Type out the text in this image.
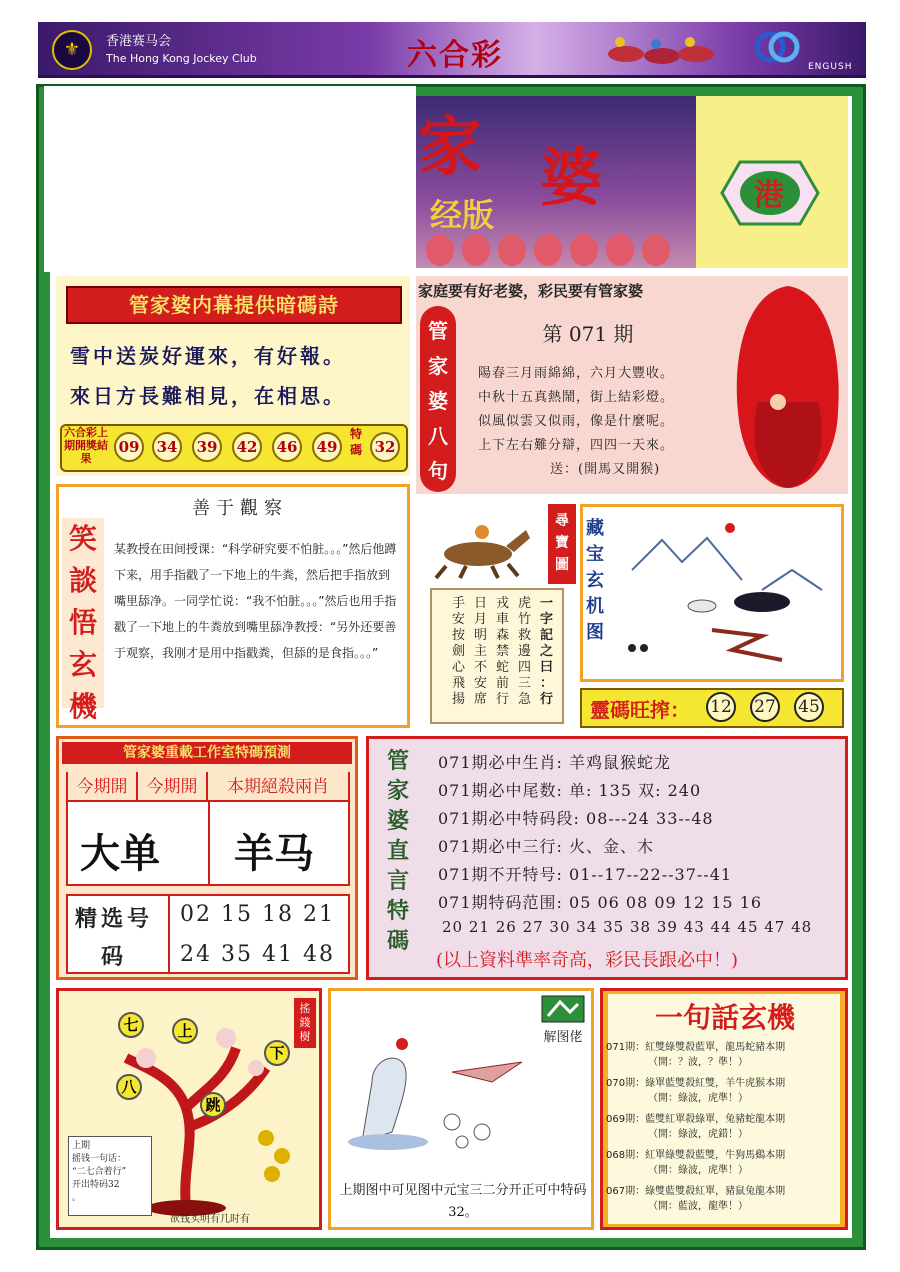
⚜	香港赛马会
The Hong Kong Jockey Club	六合彩	ENGUSH
家 婆
经版
港
管家婆内幕提供暗碼詩
雪中送炭好運來，有好報。
來日方長難相見，在相思。
六合彩上期開獎結果
09	34	39	42	46	49
特碼 32
家庭要有好老婆，彩民要有管家婆
管
家
婆
八
句
第 071 期
陽春三月雨綿綿，六月大豐收。
中秋十五真熱鬧，街上結彩燈。
似風似雲又似雨，像是什麼呢。
上下左右難分辯，四四一天來。
送：(開馬又開猴)
笑
談
悟
玄
機
善于觀察
某教授在田间授课：“科学研究要不怕脏。。。”然后他蹲下来，用手指戳了一下地上的牛粪，然后把手指放到嘴里舔净。一同学忙说：“我不怕脏。。。”然后也用手指戳了一下地上的牛粪放到嘴里舔净教授：“另外还要善于观察，我刚才是用中指戳粪，但舔的是食指。。。”
尋
寶
圖
一
字
記
之
曰
：
行
虎
竹
救
邊
四
三
急
戎
車
森
禁
蛇
前
行
日
月
明
主
不
安
席
手
安
按
劍
心
飛
揚
藏
宝
玄
机
图
靈碼旺搾： 12 27 45
管家婆重載工作室特碼預測
今期開	今期開	本期絕殺兩肖
大单 羊马
精选号码
02 15 18 21
24 35 41 48
管
家
婆
直
言
特
碼
071期必中生肖: 羊鸡鼠猴蛇龙
071期必中尾数: 单: 135 双: 240
071期必中特码段: 08---24 33--48
071期必中三行: 火、金、木
071期不开特号: 01--17--22--37--41
071期特码范围: 05 06 08 09 12 15 16
20 21 26 27 30 34 35 38 39 43 44 45 47 48
(以上資料準率奇高，彩民長跟必中！)
七	上
下
八
跳
搖
錢
樹
上期
摇钱一句话：
“二七合着行”
开出特码32
。
欲钱买明有几时有
解图佬
上期图中可见图中元宝三二分开正可中特码32。
一句話玄機
071期：紅雙綠雙殺藍單，龍馬蛇豬本期
（開：？波，？準！）
070期：綠單藍雙殺紅雙，羊牛虎猴本期
（開：綠波，虎準！）
069期：藍雙紅單殺綠單，兔豬蛇龍本期
（開：綠波，虎錯！）
068期：紅單綠雙殺藍雙，牛狗馬鷄本期
（開：綠波，虎準！）
067期：綠雙藍雙殺紅單，豬鼠兔龍本期
（開：藍波，龍準！）
